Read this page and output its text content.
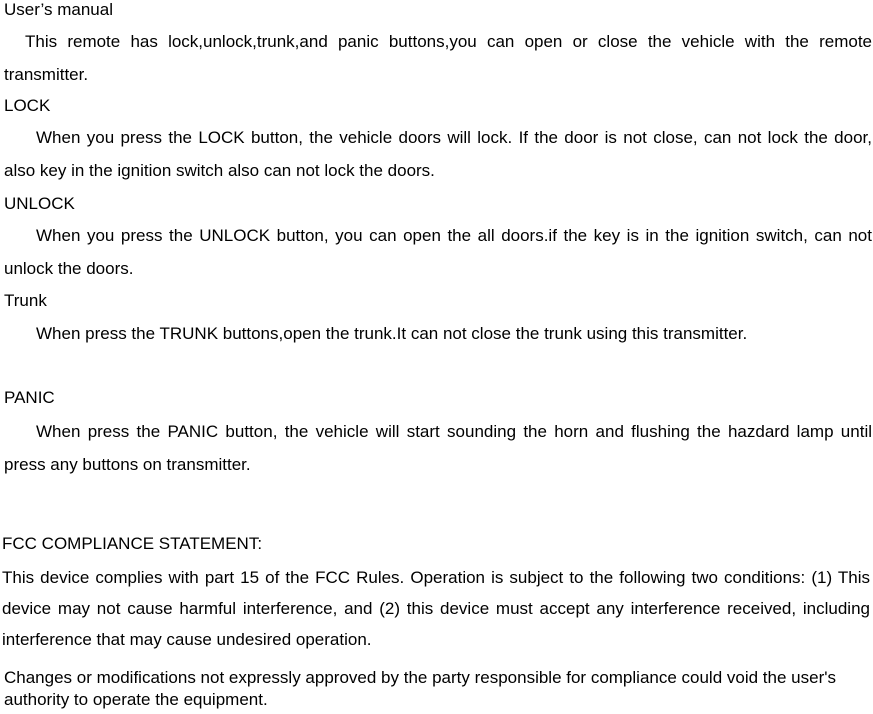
User’s manual
This remote has lock,unlock,trunk,and panic buttons,you can open or close the vehicle with the remote transmitter.
LOCK
When you press the LOCK button, the vehicle doors will lock. If the door is not close, can not lock the door, also key in the ignition switch also can not lock the doors.
UNLOCK
When you press the UNLOCK button, you can open the all doors.if the key is in the ignition switch, can not unlock the doors.
Trunk
When press the TRUNK buttons,open the trunk.It can not close the trunk using this transmitter.
PANIC
When press the PANIC button, the vehicle will start sounding the horn and flushing the hazdard lamp until press any buttons on transmitter.
FCC COMPLIANCE STATEMENT:
This device complies with part 15 of the FCC Rules. Operation is subject to the following two conditions: (1) This device may not cause harmful interference, and (2) this device must accept any interference received, including interference that may cause undesired operation.
Changes or modifications not expressly approved by the party responsible for compliance could void the user's authority to operate the equipment.
